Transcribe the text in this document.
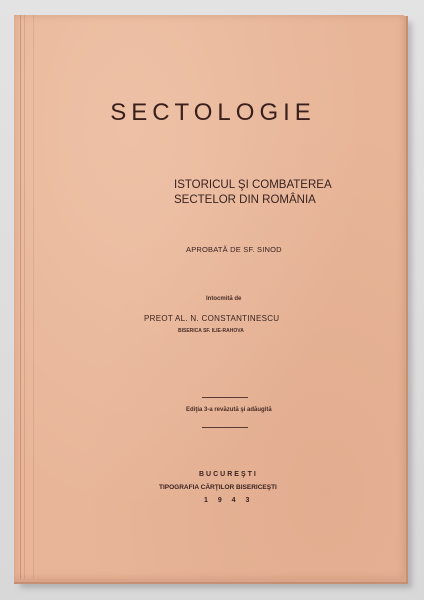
SECTOLOGIE
ISTORICUL ŞI COMBATEREA
SECTELOR DIN ROMÂNIA
APROBATĂ DE SF. SINOD
Intocmită de
PREOT AL. N. CONSTANTINESCU
BISERICA SF. ILIE-RAHOVA
Ediţia 3-a revăzută şi adăugită
BUCUREŞTI
TIPOGRAFIA CĂRŢILOR BISERICEŞTI
1 9 4 3
